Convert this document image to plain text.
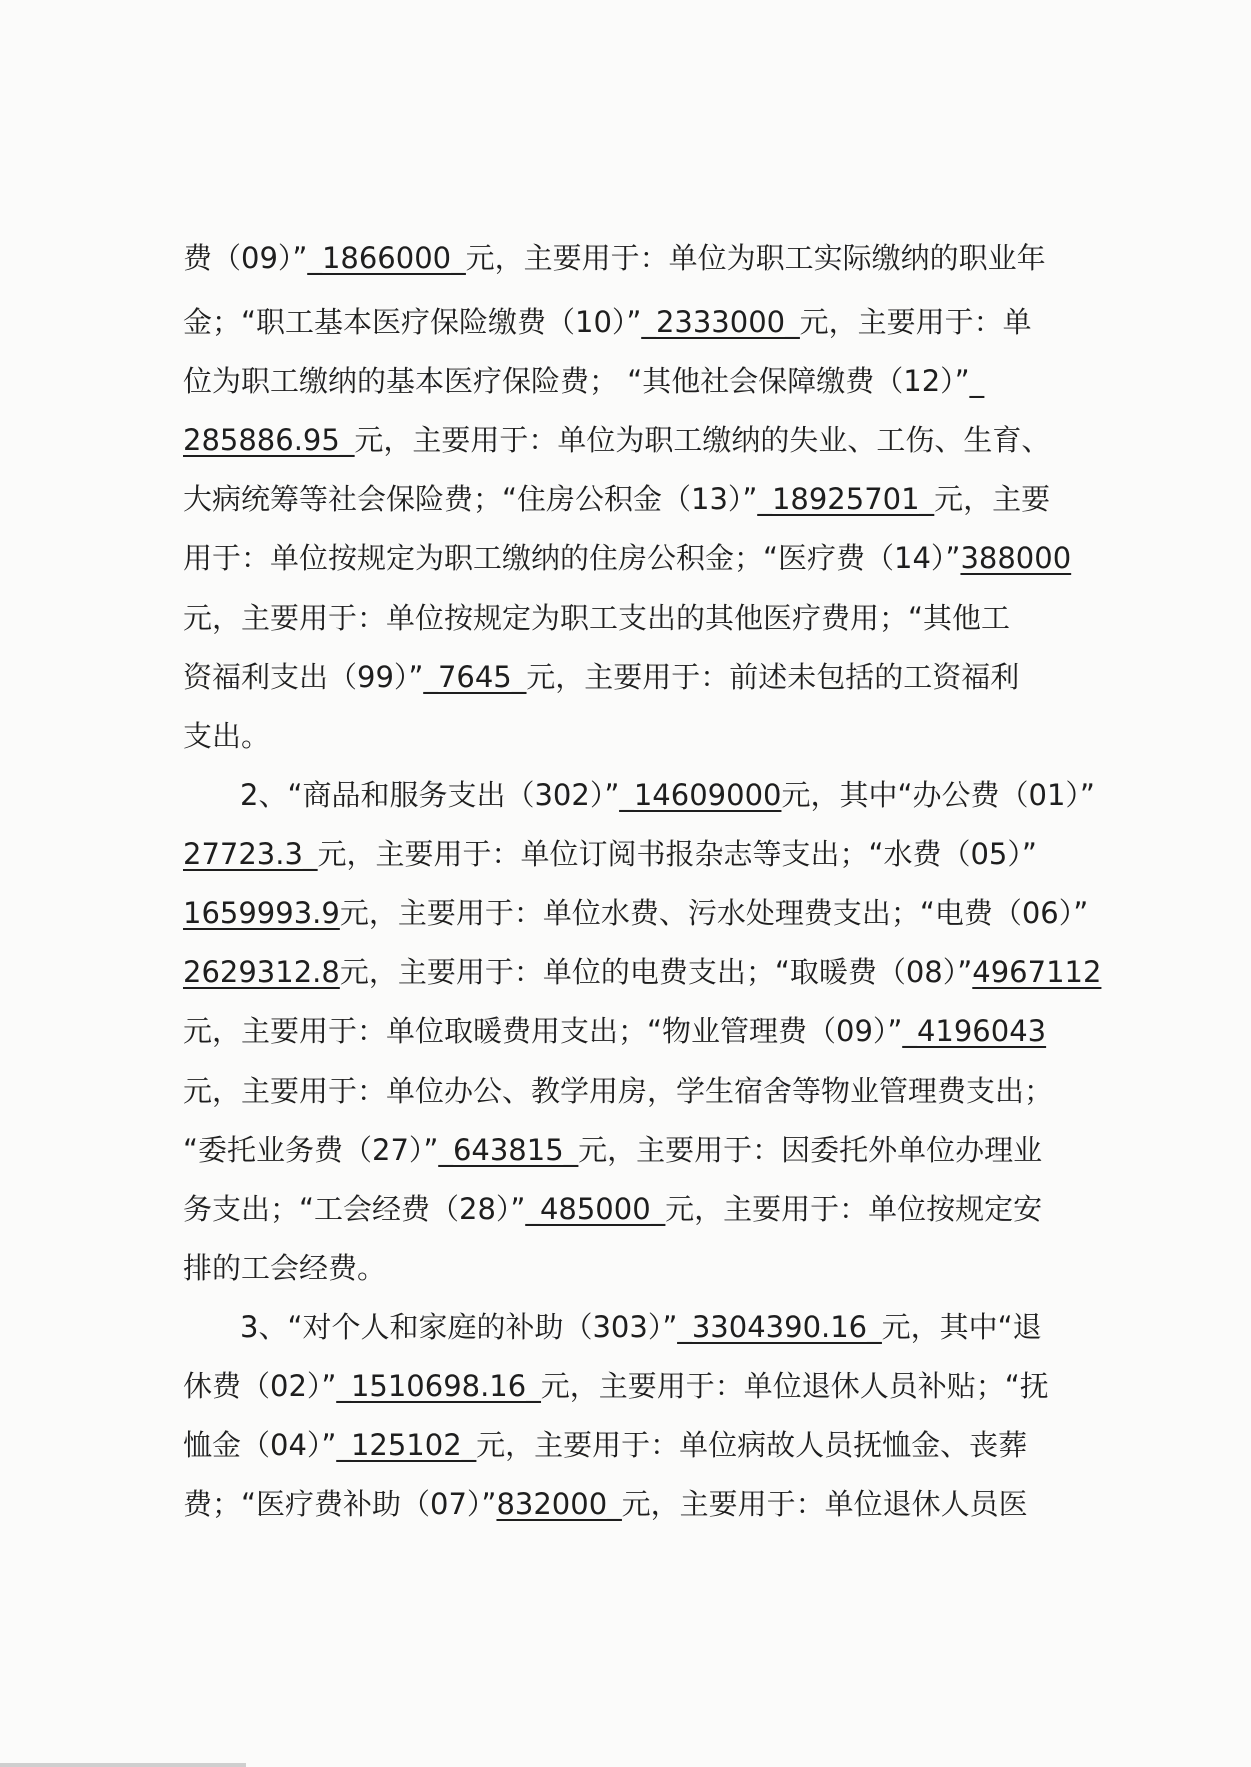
费（09）”_1866000_元，主要用于：单位为职工实际缴纳的职业年
金；“职工基本医疗保险缴费（10）”_2333000_元，主要用于：单
位为职工缴纳的基本医疗保险费； “其他社会保障缴费（12）”_
285886.95_元，主要用于：单位为职工缴纳的失业、工伤、生育、
大病统筹等社会保险费；“住房公积金（13）”_18925701_元，主要
用于：单位按规定为职工缴纳的住房公积金；“医疗费（14）”388000
元，主要用于：单位按规定为职工支出的其他医疗费用；“其他工
资福利支出（99）”_7645_元，主要用于：前述未包括的工资福利
支出。
2、“商品和服务支出（302）”_14609000元，其中“办公费（01）”
27723.3_元，主要用于：单位订阅书报杂志等支出；“水费（05）”
1659993.9元，主要用于：单位水费、污水处理费支出；“电费（06）”
2629312.8元，主要用于：单位的电费支出；“取暖费（08）”4967112
元，主要用于：单位取暖费用支出；“物业管理费（09）”_4196043
元，主要用于：单位办公、教学用房，学生宿舍等物业管理费支出；
“委托业务费（27）”_643815_元，主要用于：因委托外单位办理业
务支出；“工会经费（28）”_485000_元，主要用于：单位按规定安
排的工会经费。
3、“对个人和家庭的补助（303）”_3304390.16_元，其中“退
休费（02）”_1510698.16_元，主要用于：单位退休人员补贴；“抚
恤金（04）”_125102_元，主要用于：单位病故人员抚恤金、丧葬
费；“医疗费补助（07）”832000_元，主要用于：单位退休人员医
